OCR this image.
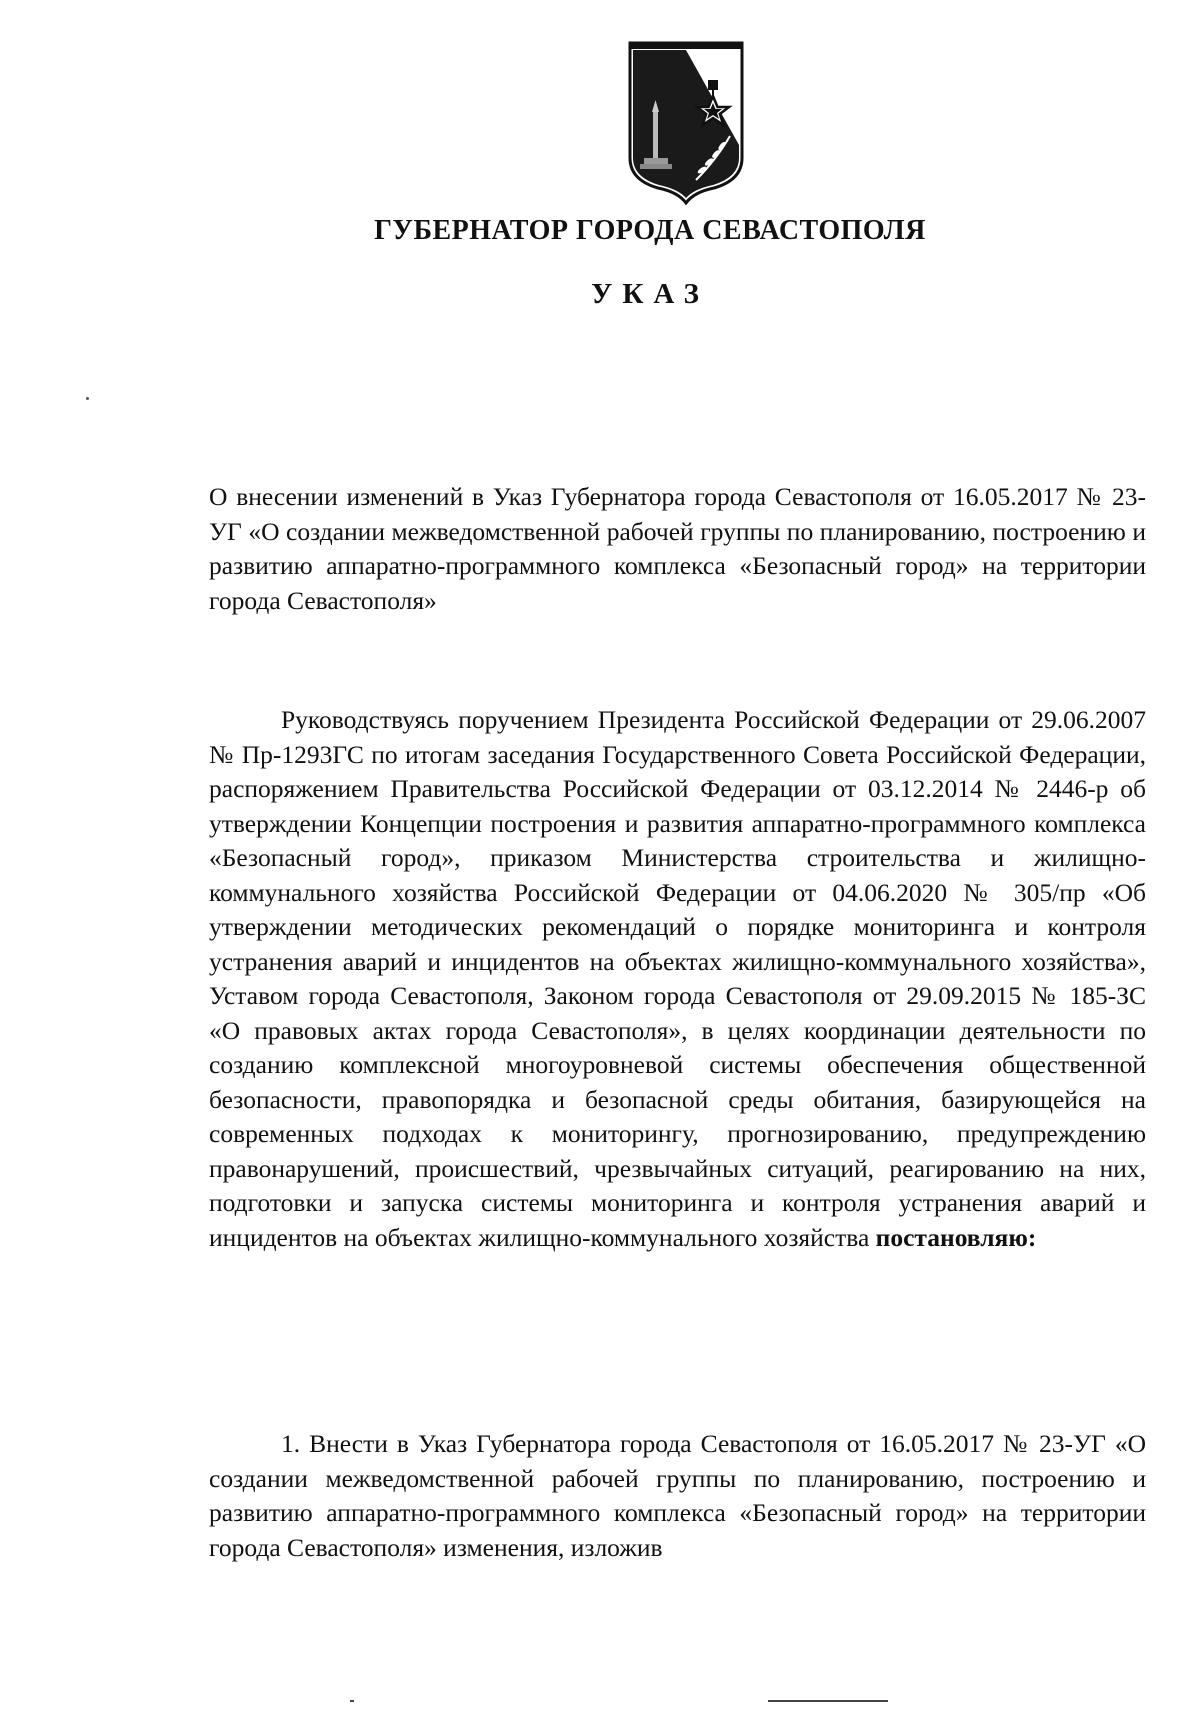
ГУБЕРНАТОР ГОРОДА СЕВАСТОПОЛЯ
УКАЗ
О внесении изменений в Указ Губернатора города Севастополя от 16.05.2017 № 23-УГ «О создании межведомственной рабочей группы по планированию, построению и развитию аппаратно-программного комплекса «Безопасный город» на территории города Севастополя»
Руководствуясь поручением Президента Российской Федерации от 29.06.2007 № Пр-1293ГС по итогам заседания Государственного Совета Российской Федерации, распоряжением Правительства Российской Федерации от 03.12.2014 № 2446-р об утверждении Концепции построения и развития аппаратно-программного комплекса «Безопасный город», приказом Министерства строительства и жилищно-коммунального хозяйства Российской Федерации от 04.06.2020 № 305/пр «Об утверждении методических рекомендаций о порядке мониторинга и контроля устранения аварий и инцидентов на объектах жилищно-коммунального хозяйства», Уставом города Севастополя, Законом города Севастополя от 29.09.2015 № 185-ЗС «О правовых актах города Севастополя», в целях координации деятельности по созданию комплексной многоуровневой системы обеспечения общественной безопасности, правопорядка и безопасной среды обитания, базирующейся на современных подходах к мониторингу, прогнозированию, предупреждению правонарушений, происшествий, чрезвычайных ситуаций, реагированию на них, подготовки и запуска системы мониторинга и контроля устранения аварий и инцидентов на объектах жилищно-коммунального хозяйства постановляю:
1. Внести в Указ Губернатора города Севастополя от 16.05.2017 № 23-УГ «О создании межведомственной рабочей группы по планированию, построению и развитию аппаратно-программного комплекса «Безопасный город» на территории города Севастополя» изменения, изложив
